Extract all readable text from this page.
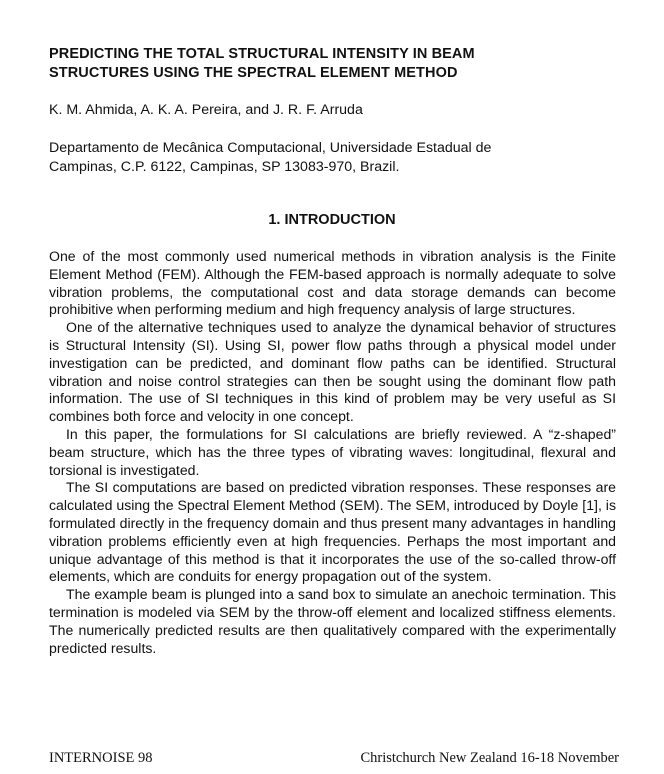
PREDICTING THE TOTAL STRUCTURAL INTENSITY IN BEAM
STRUCTURES USING THE SPECTRAL ELEMENT METHOD
K. M. Ahmida, A. K. A. Pereira, and J. R. F. Arruda
Departamento de Mecânica Computacional, Universidade Estadual de
Campinas, C.P. 6122, Campinas, SP 13083-970, Brazil.
1. INTRODUCTION

One of the most commonly used numerical methods in vibration analysis is the Finite Element Method (FEM). Although the FEM-based approach is normally adequate to solve vibration problems, the computational cost and data storage demands can become prohibitive when performing medium and high frequency analysis of large structures.

One of the alternative techniques used to analyze the dynamical behavior of structures is Structural Intensity (SI). Using SI, power flow paths through a physical model under investigation can be predicted, and dominant flow paths can be identified. Structural vibration and noise control strategies can then be sought using the dominant flow path information. The use of SI techniques in this kind of problem may be very useful as SI combines both force and velocity in one concept.

In this paper, the formulations for SI calculations are briefly reviewed. A “z-shaped” beam structure, which has the three types of vibrating waves: longitudinal, flexural and torsional is investigated.

The SI computations are based on predicted vibration responses. These responses are calculated using the Spectral Element Method (SEM). The SEM, introduced by Doyle [1], is formulated directly in the frequency domain and thus present many advantages in handling vibration problems efficiently even at high frequencies. Perhaps the most important and unique advantage of this method is that it incorporates the use of the so-called throw-off elements, which are conduits for energy propagation out of the system.

The example beam is plunged into a sand box to simulate an anechoic termination. This termination is modeled via SEM by the throw-off element and localized stiffness elements. The numerically predicted results are then qualitatively compared with the experimentally predicted results.

INTERNOISE 98	Christchurch New Zealand 16-18 November
